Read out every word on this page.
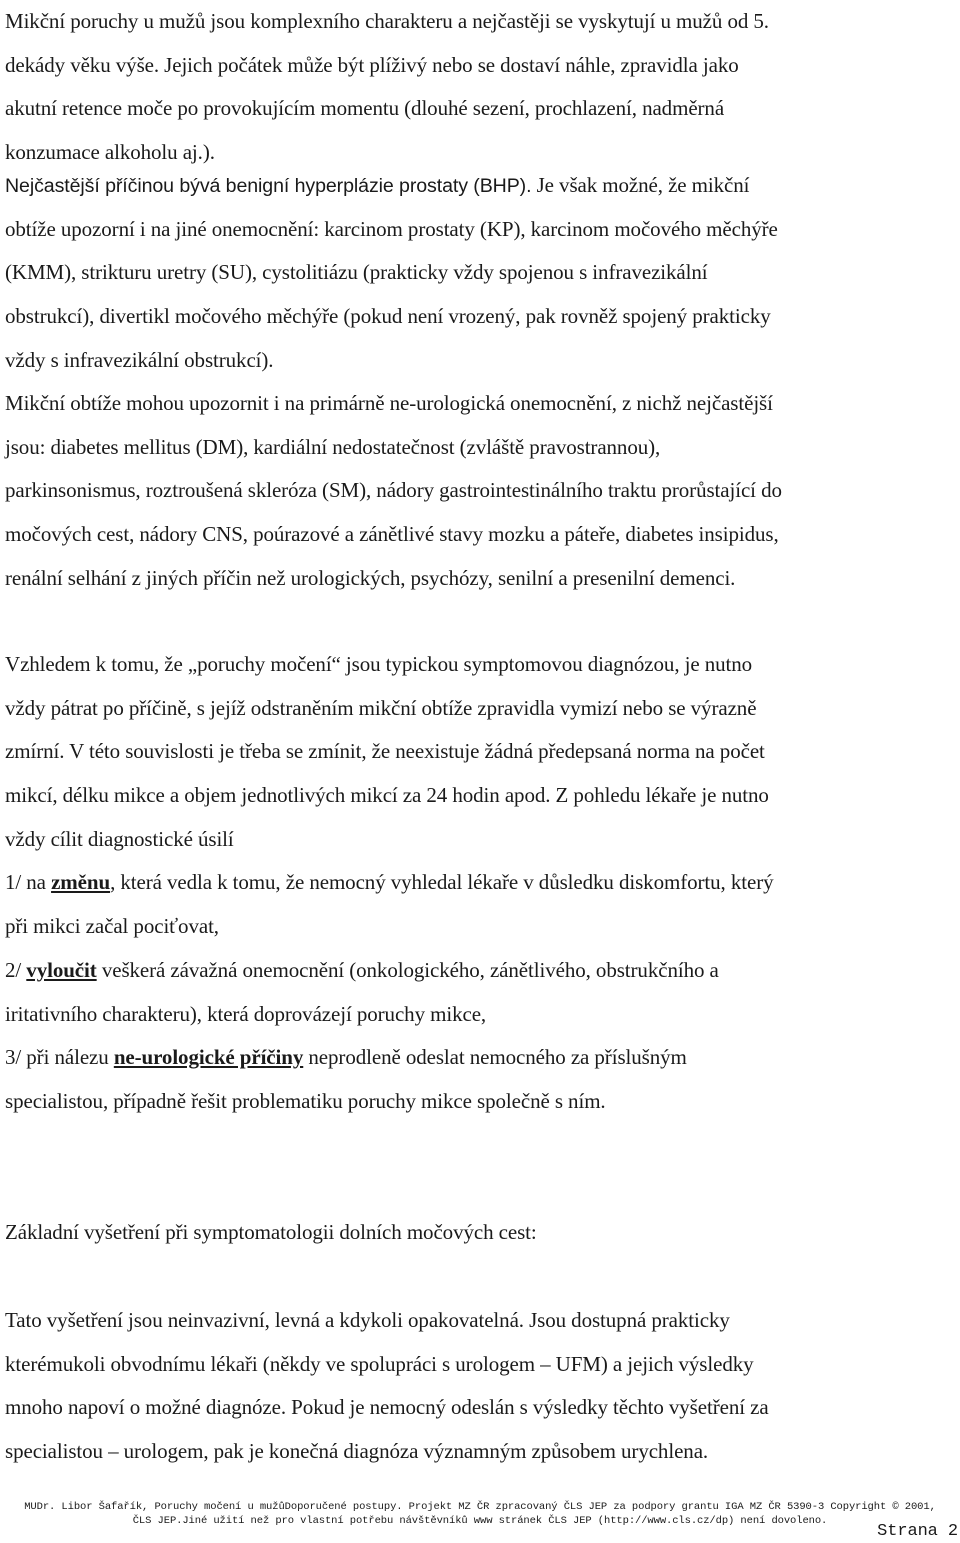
Mikční poruchy u mužů jsou komplexního charakteru a nejčastěji se vyskytují u mužů od 5.
dekády věku výše. Jejich počátek může být plíživý nebo se dostaví náhle, zpravidla jako
akutní retence moče po provokujícím momentu (dlouhé sezení, prochlazení, nadměrná
konzumace alkoholu aj.).
Nejčastější příčinou bývá benigní hyperplázie prostaty (BHP). Je však možné, že mikční
obtíže upozorní i na jiné onemocnění: karcinom prostaty (KP), karcinom močového měchýře
(KMM), strikturu uretry (SU), cystolitiázu (prakticky vždy spojenou s infravezikální
obstrukcí), divertikl močového měchýře (pokud není vrozený, pak rovněž spojený prakticky
vždy s infravezikální obstrukcí).
Mikční obtíže mohou upozornit i na primárně ne-urologická onemocnění, z nichž nejčastější
jsou: diabetes mellitus (DM), kardiální nedostatečnost (zvláště pravostrannou),
parkinsonismus, roztroušená skleróza (SM), nádory gastrointestinálního traktu prorůstající do
močových cest, nádory CNS, poúrazové a zánětlivé stavy mozku a páteře, diabetes insipidus,
renální selhání z jiných příčin než urologických, psychózy, senilní a presenilní demenci.
Vzhledem k tomu, že „poruchy močení“ jsou typickou symptomovou diagnózou, je nutno
vždy pátrat po příčině, s jejíž odstraněním mikční obtíže zpravidla vymizí nebo se výrazně
zmírní. V této souvislosti je třeba se zmínit, že neexistuje žádná předepsaná norma na počet
mikcí, délku mikce a objem jednotlivých mikcí za 24 hodin apod. Z pohledu lékaře je nutno
vždy cílit diagnostické úsilí
1/ na změnu, která vedla k tomu, že nemocný vyhledal lékaře v důsledku diskomfortu, který
při mikci začal pociťovat,
2/ vyloučit veškerá závažná onemocnění (onkologického, zánětlivého, obstrukčního a
iritativního charakteru), která doprovázejí poruchy mikce,
3/ při nálezu ne-urologické příčiny neprodleně odeslat nemocného za příslušným
specialistou, případně řešit problematiku poruchy mikce společně s ním.
Základní vyšetření při symptomatologii dolních močových cest:
Tato vyšetření jsou neinvazivní, levná a kdykoli opakovatelná. Jsou dostupná prakticky
kterémukoli obvodnímu lékaři (někdy ve spolupráci s urologem – UFM) a jejich výsledky
mnoho napoví o možné diagnóze. Pokud je nemocný odeslán s výsledky těchto vyšetření za
specialistou – urologem, pak je konečná diagnóza významným způsobem urychlena.
MUDr. Libor Šafařík, Poruchy močení u mužůDoporučené postupy. Projekt MZ ČR zpracovaný ČLS JEP za podpory grantu IGA MZ ČR 5390-3 Copyright © 2001,
ČLS JEP.Jiné užití než pro vlastní potřebu návštěvníků www stránek ČLS JEP (http://www.cls.cz/dp) není dovoleno.
Strana 2
